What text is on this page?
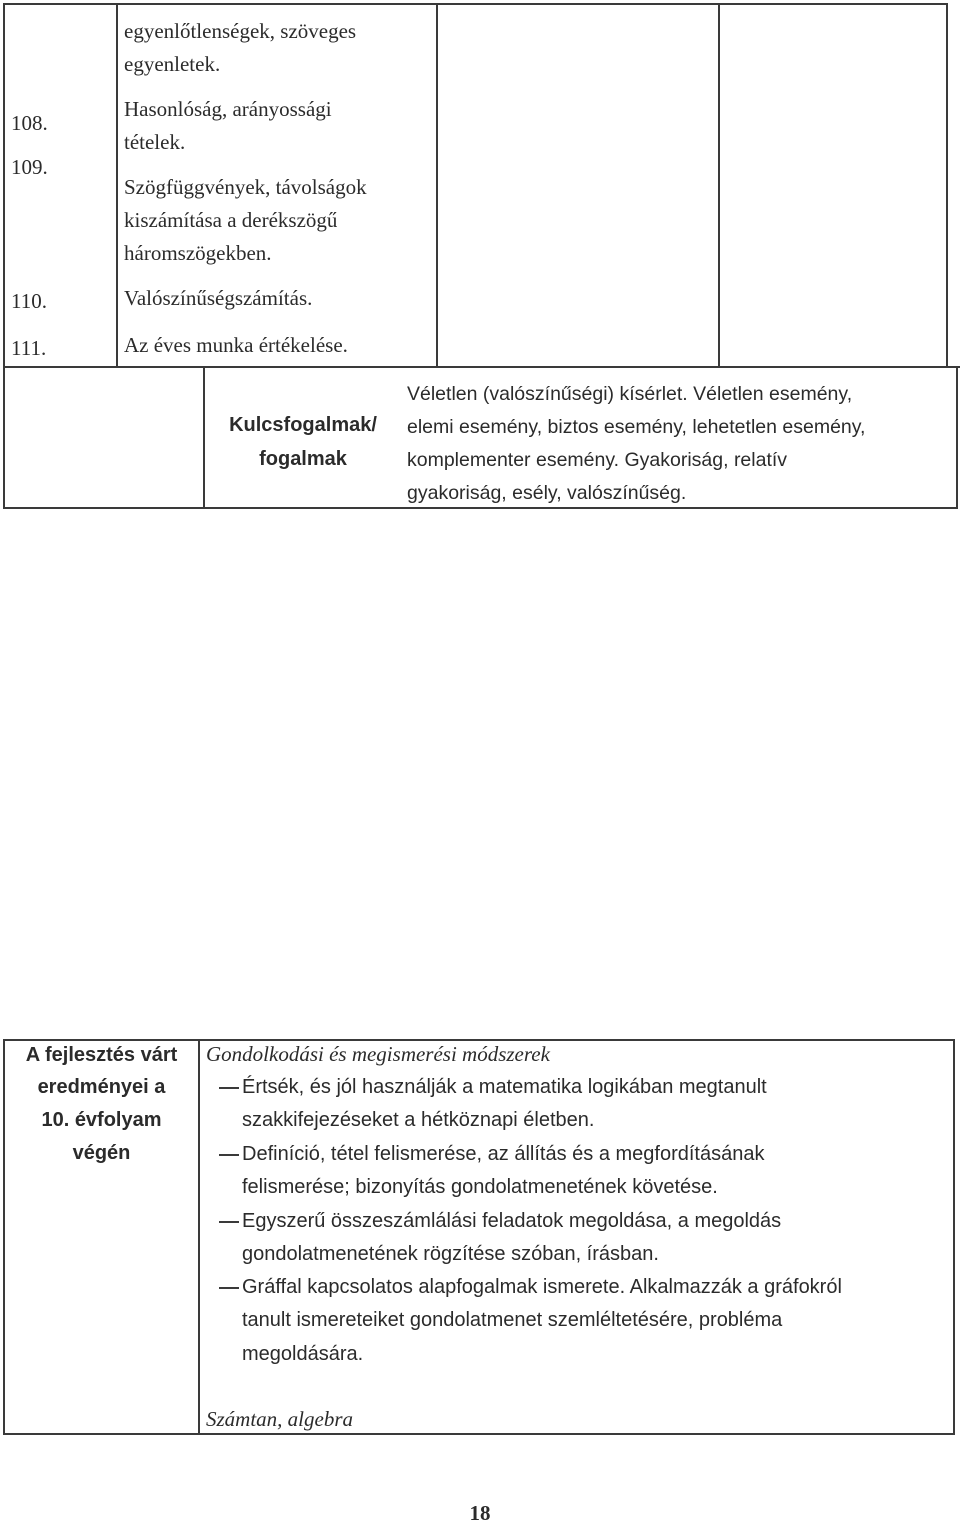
egyenlőtlenségek, szöveges
egyenletek.
108.
109.
Hasonlóság, arányossági
tételek.
Szögfüggvények, távolságok
kiszámítása a derékszögű
háromszögekben.
110.	Valószínűségszámítás.
111.	Az éves munka értékelése.
Kulcsfogalmak/
fogalmak
Véletlen (valószínűségi) kísérlet. Véletlen esemény,
elemi esemény, biztos esemény, lehetetlen esemény,
komplementer esemény. Gyakoriság, relatív
gyakoriság, esély, valószínűség.
A fejlesztés várt
eredményei a
10. évfolyam
végén
Gondolkodási és megismerési módszerek
Értsék, és jól használják a matematika logikában megtanult
szakkifejezéseket a hétköznapi életben.
Definíció, tétel felismerése, az állítás és a megfordításának
felismerése; bizonyítás gondolatmenetének követése.
Egyszerű összeszámlálási feladatok megoldása, a megoldás
gondolatmenetének rögzítése szóban, írásban.
Gráffal kapcsolatos alapfogalmak ismerete. Alkalmazzák a gráfokról
tanult ismereteiket gondolatmenet szemléltetésére, probléma
megoldására.
Számtan, algebra
18
